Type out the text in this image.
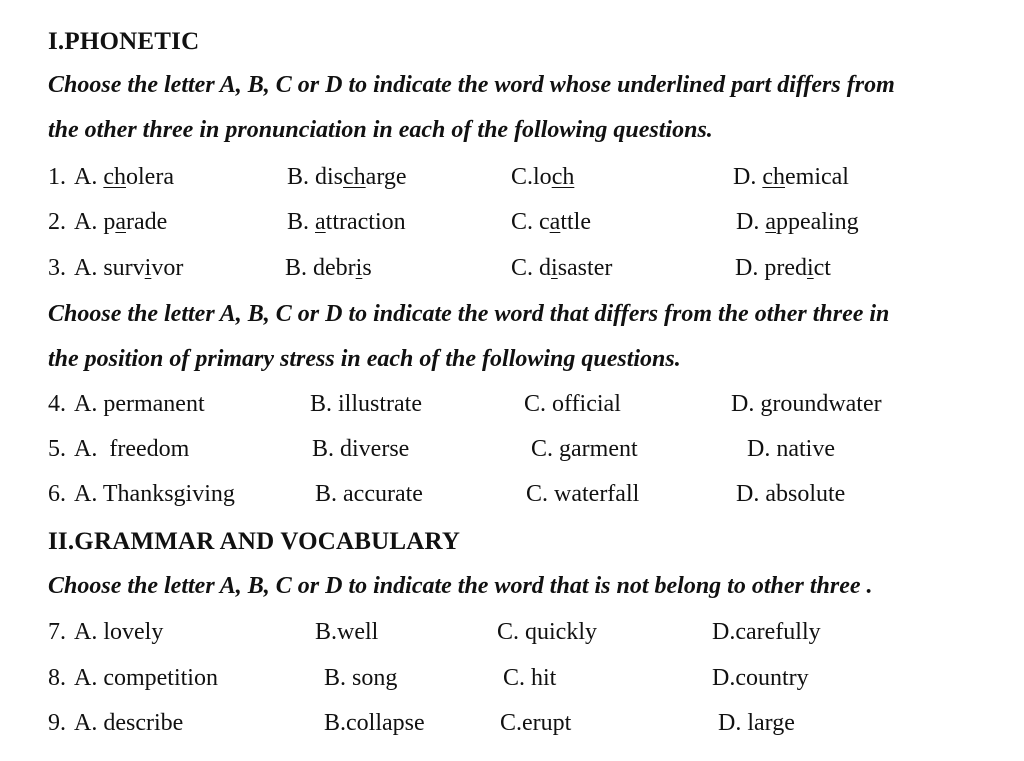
I.PHONETIC
Choose the letter A, B, C or D to indicate the word whose underlined part differs from
the other three in pronunciation in each of the following questions.
1. A. cholera	B. discharge	C.loch	D. chemical
2. A. parade	B. attraction	C. cattle	D. appealing
3. A. survivor	B. debris	C. disaster	D. predict
Choose the letter A, B, C or D to indicate the word that differs from the other three in
the position of primary stress in each of the following questions.
4. A. permanent	B. illustrate	C. official	D. groundwater
5. A.  freedom	B. diverse	C. garment	D. native
6. A. Thanksgiving	B. accurate	C. waterfall	D. absolute
II.GRAMMAR AND VOCABULARY
Choose the letter A, B, C or D to indicate the word that is not belong to other three .
7. A. lovely	B.well	C. quickly	D.carefully
8. A. competition	B. song	C. hit	D.country
9. A. describe	B.collapse	C.erupt	D. large
